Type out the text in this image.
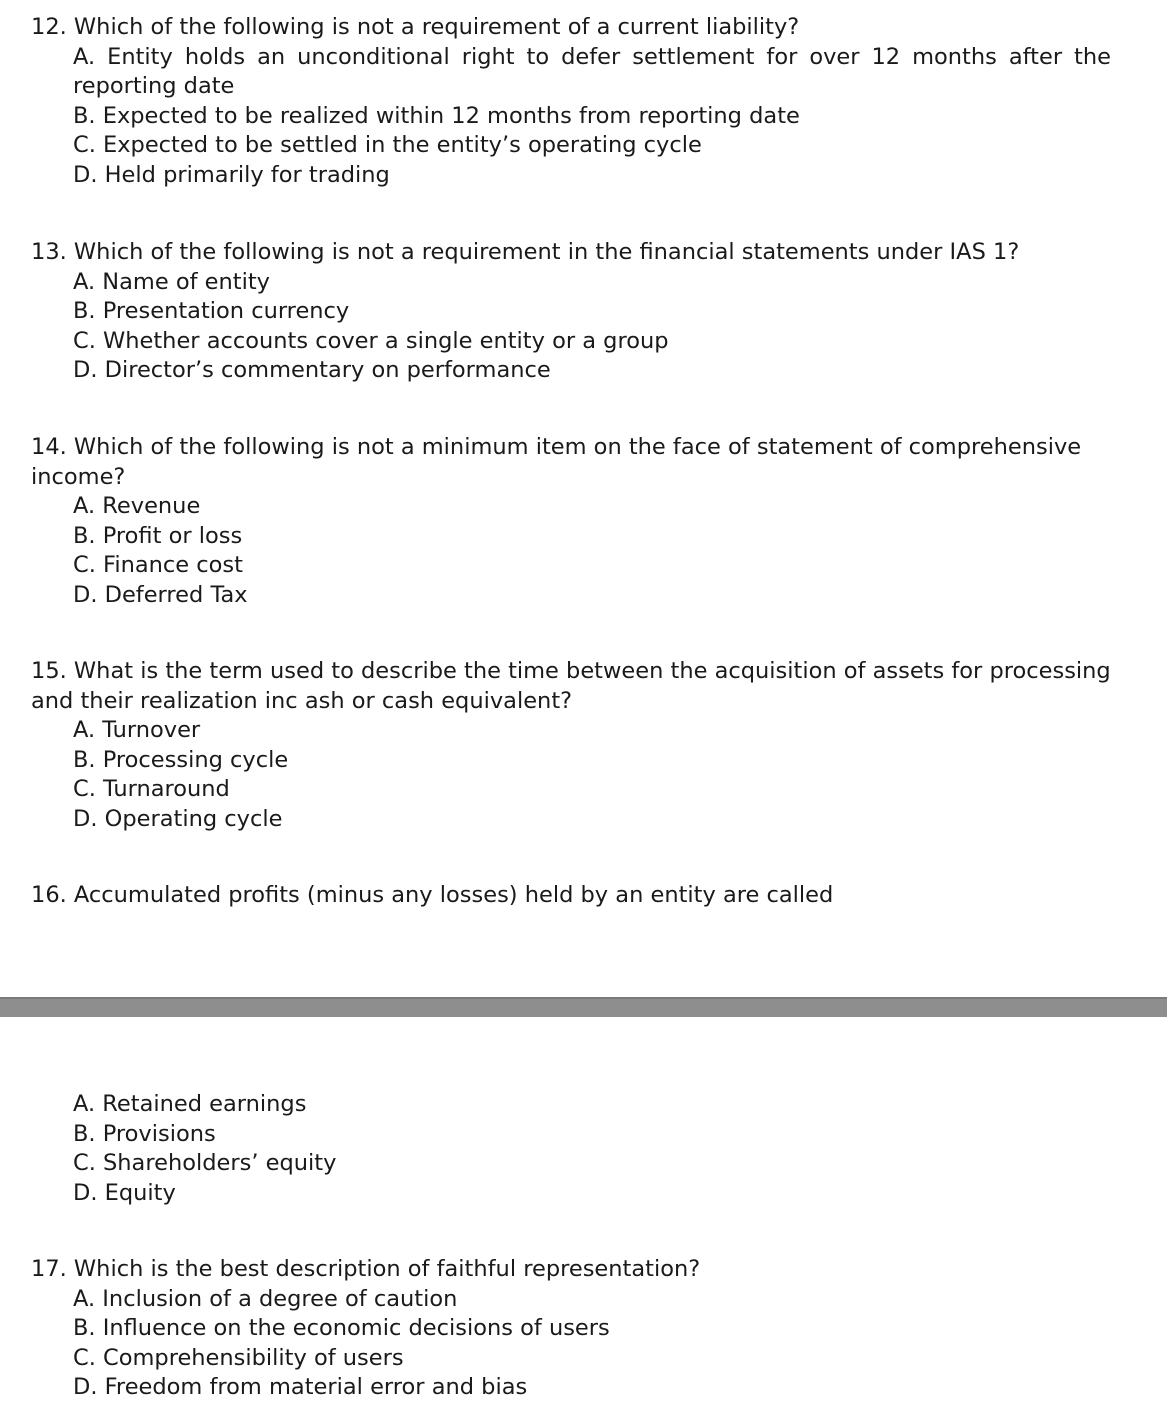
12. Which of the following is not a requirement of a current liability?

A. Entity holds an unconditional right to defer settlement for over 12 months after the reporting date
B. Expected to be realized within 12 months from reporting date
C. Expected to be settled in the entity’s operating cycle
D. Held primarily for trading

13. Which of the following is not a requirement in the financial statements under IAS 1?

A. Name of entity
B. Presentation currency
C. Whether accounts cover a single entity or a group
D. Director’s commentary on performance

14. Which of the following is not a minimum item on the face of statement of comprehensive income?

A. Revenue
B. Profit or loss
C. Finance cost
D. Deferred Tax

15. What is the term used to describe the time between the acquisition of assets for processing and their realization inc ash or cash equivalent?

A. Turnover
B. Processing cycle
C. Turnaround
D. Operating cycle

16. Accumulated profits (minus any losses) held by an entity are called

A. Retained earnings
B. Provisions
C. Shareholders’ equity
D. Equity

17. Which is the best description of faithful representation?

A. Inclusion of a degree of caution
B. Influence on the economic decisions of users
C. Comprehensibility of users
D. Freedom from material error and bias
